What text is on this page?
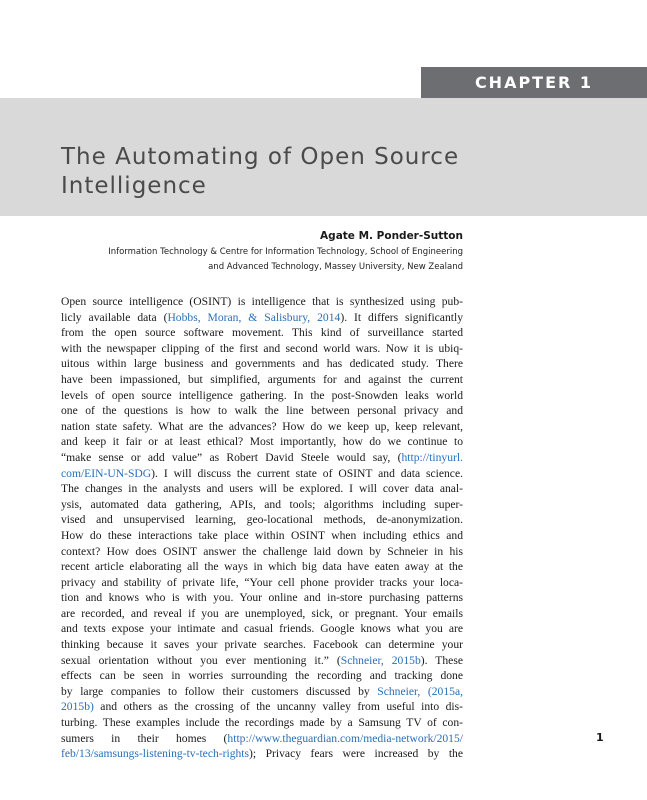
CHAPTER 1
The Automating of Open Source
Intelligence

Agate M. Ponder-Sutton

Information Technology & Centre for Information Technology, School of Engineering
and Advanced Technology, Massey University, New Zealand

Open source intelligence (OSINT) is intelligence that is synthesized using pub-
licly available data (Hobbs, Moran, & Salisbury, 2014). It differs significantly
from the open source software movement. This kind of surveillance started
with the newspaper clipping of the first and second world wars. Now it is ubiq-
uitous within large business and governments and has dedicated study. There
have been impassioned, but simplified, arguments for and against the current
levels of open source intelligence gathering. In the post-Snowden leaks world
one of the questions is how to walk the line between personal privacy and
nation state safety. What are the advances? How do we keep up, keep relevant,
and keep it fair or at least ethical? Most importantly, how do we continue to
“make sense or add value” as Robert David Steele would say, (http://tinyurl.
com/EIN-UN-SDG). I will discuss the current state of OSINT and data science.
The changes in the analysts and users will be explored. I will cover data anal-
ysis, automated data gathering, APIs, and tools; algorithms including super-
vised and unsupervised learning, geo-locational methods, de-anonymization.
How do these interactions take place within OSINT when including ethics and
context? How does OSINT answer the challenge laid down by Schneier in his
recent article elaborating all the ways in which big data have eaten away at the
privacy and stability of private life, “Your cell phone provider tracks your loca-
tion and knows who is with you. Your online and in-store purchasing patterns
are recorded, and reveal if you are unemployed, sick, or pregnant. Your emails
and texts expose your intimate and casual friends. Google knows what you are
thinking because it saves your private searches. Facebook can determine your
sexual orientation without you ever mentioning it.” (Schneier, 2015b). These
effects can be seen in worries surrounding the recording and tracking done
by large companies to follow their customers discussed by Schneier, (2015a,
2015b) and others as the crossing of the uncanny valley from useful into dis-
turbing. These examples include the recordings made by a Samsung TV of con-
sumers in their homes (http://www.theguardian.com/media-network/2015/
feb/13/samsungs-listening-tv-tech-rights); Privacy fears were increased by the
1
